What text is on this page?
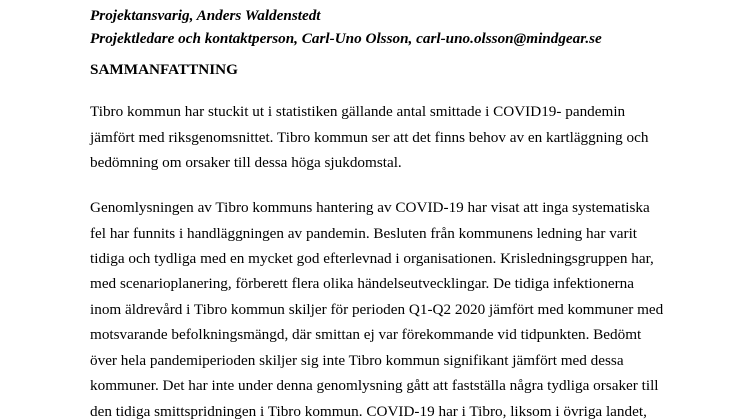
Projektansvarig, Anders Waldenstedt
Projektledare och kontaktperson, Carl-Uno Olsson, carl-uno.olsson@mindgear.se
SAMMANFATTNING
Tibro kommun har stuckit ut i statistiken gällande antal smittade i COVID19- pandemin
jämfört med riksgenomsnittet. Tibro kommun ser att det finns behov av en kartläggning och
bedömning om orsaker till dessa höga sjukdomstal.
Genomlysningen av Tibro kommuns hantering av COVID-19 har visat att inga systematiska
fel har funnits i handläggningen av pandemin. Besluten från kommunens ledning har varit
tidiga och tydliga med en mycket god efterlevnad i organisationen. Krisledningsgruppen har,
med scenarioplanering, förberett flera olika händelseutvecklingar. De tidiga infektionerna
inom äldrevård i Tibro kommun skiljer för perioden Q1-Q2 2020 jämfört med kommuner med
motsvarande befolkningsmängd, där smittan ej var förekommande vid tidpunkten. Bedömt
över hela pandemiperioden skiljer sig inte Tibro kommun signifikant jämfört med dessa
kommuner. Det har inte under denna genomlysning gått att fastställa några tydliga orsaker till
den tidiga smittspridningen i Tibro kommun. COVID-19 har i Tibro, liksom i övriga landet,
